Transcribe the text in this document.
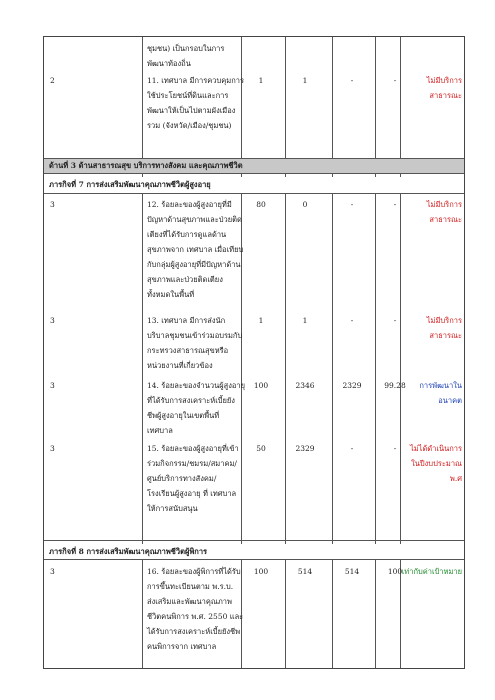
ชุมชน) เป็นกรอบในการ
พัฒนาท้องถิ่น
2	11. เทศบาล มีการควบคุมการ
ใช้ประโยชน์ที่ดินและการ
พัฒนาให้เป็นไปตามผังเมือง
รวม (จังหวัด/เมือง/ชุมชน)
1	1	-	-	ไม่มีบริการสาธารณะ
ด้านที่ 3 ด้านสาธารณสุข บริการทางสังคม และคุณภาพชีวิต
ภารกิจที่ 7 การส่งเสริมพัฒนาคุณภาพชีวิตผู้สูงอายุ
3	12. ร้อยละของผู้สูงอายุที่มี
ปัญหาด้านสุขภาพและป่วยติด
เตียงที่ได้รับการดูแลด้าน
สุขภาพจาก เทศบาล เมื่อเทียบ
กับกลุ่มผู้สูงอายุที่มีปัญหาด้าน
สุขภาพและป่วยติดเตียง
ทั้งหมดในพื้นที่
80	0	-	-	ไม่มีบริการสาธารณะ
3	13. เทศบาล มีการส่งนัก
บริบาลชุมชนเข้าร่วมอบรมกับ
กระทรวงสาธารณสุขหรือ
หน่วยงานที่เกี่ยวข้อง
1	1	-	-	ไม่มีบริการสาธารณะ
3	14. ร้อยละของจำนวนผู้สูงอายุ
ที่ได้รับการสงเคราะห์เบี้ยยัง
ชีพผู้สูงอายุในเขตพื้นที่
เทศบาล
100	2346	2329	99.28	การพัฒนาในอนาคต
3	15. ร้อยละของผู้สูงอายุที่เข้า
ร่วมกิจกรรม/ชมรม/สมาคม/
ศูนย์บริการทางสังคม/
โรงเรียนผู้สูงอายุ ที่ เทศบาล
ให้การสนับสนุน
50	2329	-	-	ไม่ได้ดำเนินการ
ในปีงบประมาณ พ.ศ
ภารกิจที่ 8 การส่งเสริมพัฒนาคุณภาพชีวิตผู้พิการ
3	16. ร้อยละของผู้พิการที่ได้รับ
การขึ้นทะเบียนตาม พ.ร.บ.
ส่งเสริมและพัฒนาคุณภาพ
ชีวิตคนพิการ พ.ศ. 2550 และ
ได้รับการสงเคราะห์เบี้ยยังชีพ
คนพิการจาก เทศบาล
100	514	514	100 เท่ากับค่าเป้าหมาย
